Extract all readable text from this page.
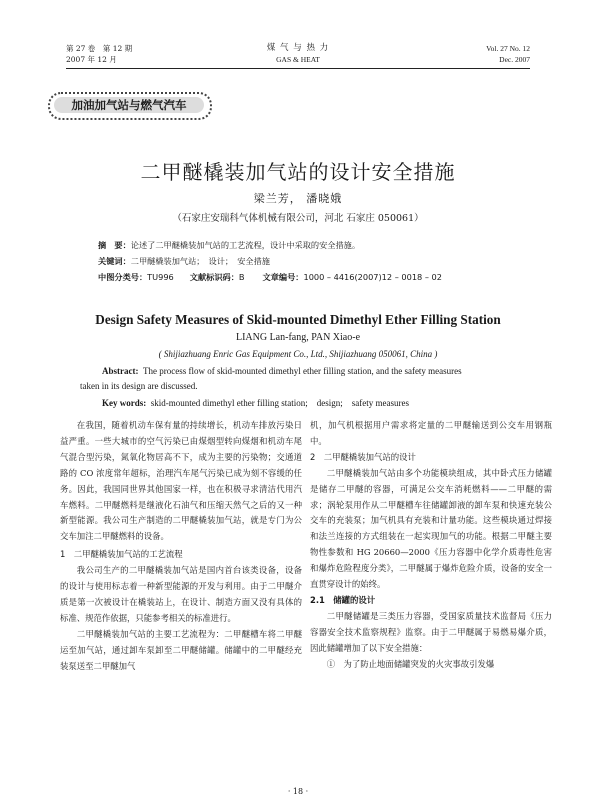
第 27 卷　第 12 期
2007 年 12 月
煤 气 与 热 力
GAS & HEAT
Vol. 27 No. 12
Dec. 2007
加油加气站与燃气汽车
二甲醚橇装加气站的设计安全措施
梁兰芳， 潘晓娥
（石家庄安瑞科气体机械有限公司，河北 石家庄 050061）
摘　要：论述了二甲醚橇装加气站的工艺流程，设计中采取的安全措施。
关键词：二甲醚橇装加气站；　设计；　安全措施
中图分类号：TU996 文献标识码：B 文章编号：1000 – 4416(2007)12 – 0018 – 02
Design Safety Measures of Skid-mounted Dimethyl Ether Filling Station
LIANG Lan-fang, PAN Xiao-e
( Shijiazhuang Enric Gas Equipment Co., Ltd., Shijiazhuang 050061, China )
Abstract: The process flow of skid-mounted dimethyl ether filling station, and the safety measures
taken in its design are discussed.
Key words: skid-mounted dimethyl ether filling station;　design;　safety measures

在我国，随着机动车保有量的持续增长，机动车排放污染日益严重。一些大城市的空气污染已由煤烟型转向煤烟和机动车尾气混合型污染，氮氧化物居高不下，成为主要的污染物；交通道路的 CO 浓度常年超标，治理汽车尾气污染已成为刻不容缓的任务。因此，我国同世界其他国家一样，也在积极寻求清洁代用汽车燃料。二甲醚燃料是继液化石油气和压缩天然气之后的又一种新型能源。我公司生产制造的二甲醚橇装加气站，就是专门为公交车加注二甲醚燃料的设备。

1　二甲醚橇装加气站的工艺流程

我公司生产的二甲醚橇装加气站是国内首台该类设备，设备的设计与使用标志着一种新型能源的开发与利用。由于二甲醚介质是第一次被设计在橇装站上，在设计、制造方面又没有具体的标准、规范作依据，只能参考相关的标准进行。

二甲醚橇装加气站的主要工艺流程为：二甲醚槽车将二甲醚运至加气站，通过卸车泵卸至二甲醚储罐。储罐中的二甲醚经充装泵送至二甲醚加气

机，加气机根据用户需求将定量的二甲醚输送到公交车用钢瓶中。

2　二甲醚橇装加气站的设计

二甲醚橇装加气站由多个功能模块组成，其中卧式压力储罐是储存二甲醚的容器，可满足公交车消耗燃料——二甲醚的需求；涡轮泵用作从二甲醚槽车往储罐卸液的卸车泵和快速充装公交车的充装泵；加气机具有充装和计量功能。这些模块通过焊接和法兰连接的方式组装在一起实现加气的功能。根据二甲醚主要物性参数和 HG 20660—2000《压力容器中化学介质毒性危害和爆炸危险程度分类》，二甲醚属于爆炸危险介质，设备的安全一直贯穿设计的始终。

2.1　储罐的设计

二甲醚储罐是三类压力容器，受国家质量技术监督局《压力容器安全技术监察规程》监察。由于二甲醚属于易燃易爆介质，因此储罐增加了以下安全措施：

①　为了防止地面储罐突发的火灾事故引发爆

· 18 ·
